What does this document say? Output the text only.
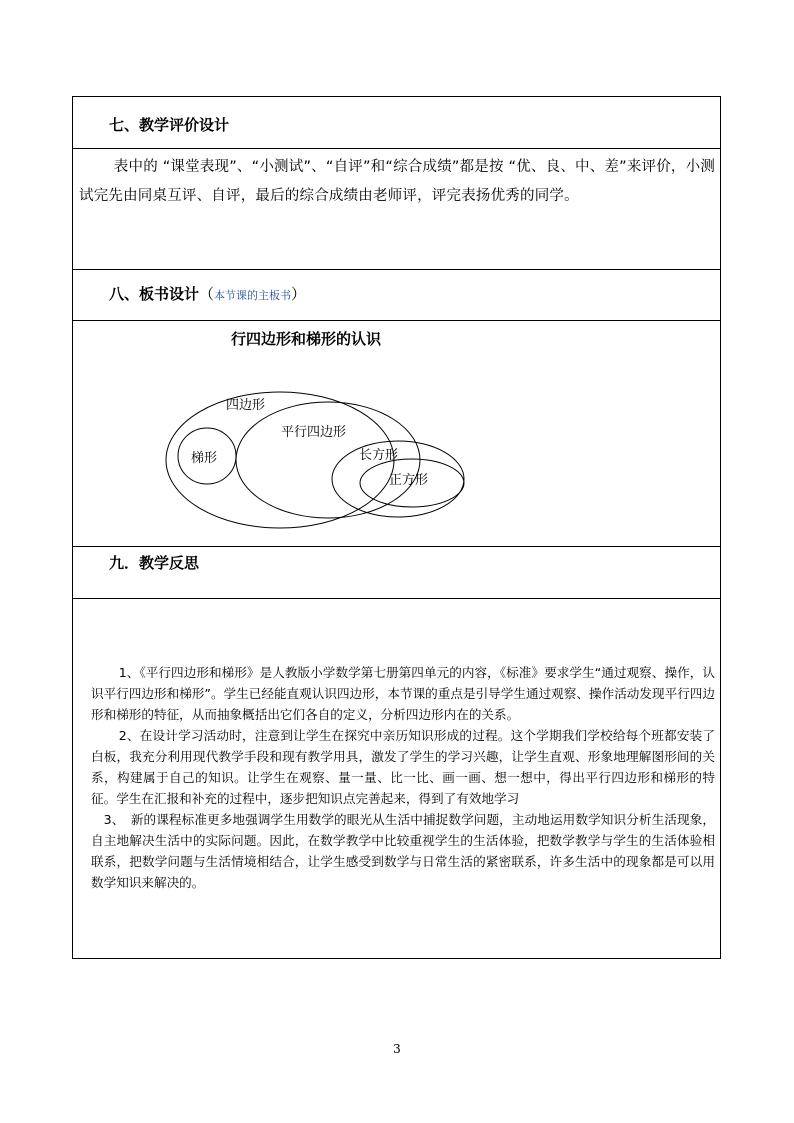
七、教学评价设计
表中的 “课堂表现”、“小测试”、“自评”和“综合成绩”都是按 “优、良、中、差”来评价，小测试完先由同桌互评、自评，最后的综合成绩由老师评，评完表扬优秀的同学。
八、板书设计（本节课的主板书）
行四边形和梯形的认识
四边形
平行四边形
长方形
正方形
梯形
九．教学反思

1、《平行四边形和梯形》是人教版小学数学第七册第四单元的内容，《标准》要求学生“通过观察、操作，认识平行四边形和梯形”。学生已经能直观认识四边形，本节课的重点是引导学生通过观察、操作活动发现平行四边形和梯形的特征，从而抽象概括出它们各自的定义，分析四边形内在的关系。

2、在设计学习活动时，注意到让学生在探究中亲历知识形成的过程。这个学期我们学校给每个班都安装了白板，我充分利用现代教学手段和现有教学用具，激发了学生的学习兴趣，让学生直观、形象地理解图形间的关系，构建属于自己的知识。让学生在观察、量一量、比一比、画一画、想一想中，得出平行四边形和梯形的特征。学生在汇报和补充的过程中，逐步把知识点完善起来，得到了有效地学习

3、　新的课程标准更多地强调学生用数学的眼光从生活中捕捉数学问题，主动地运用数学知识分析生活现象，自主地解决生活中的实际问题。因此，在数学教学中比较重视学生的生活体验，把数学教学与学生的生活体验相联系，把数学问题与生活情境相结合，让学生感受到数学与日常生活的紧密联系，许多生活中的现象都是可以用数学知识来解决的。

3
